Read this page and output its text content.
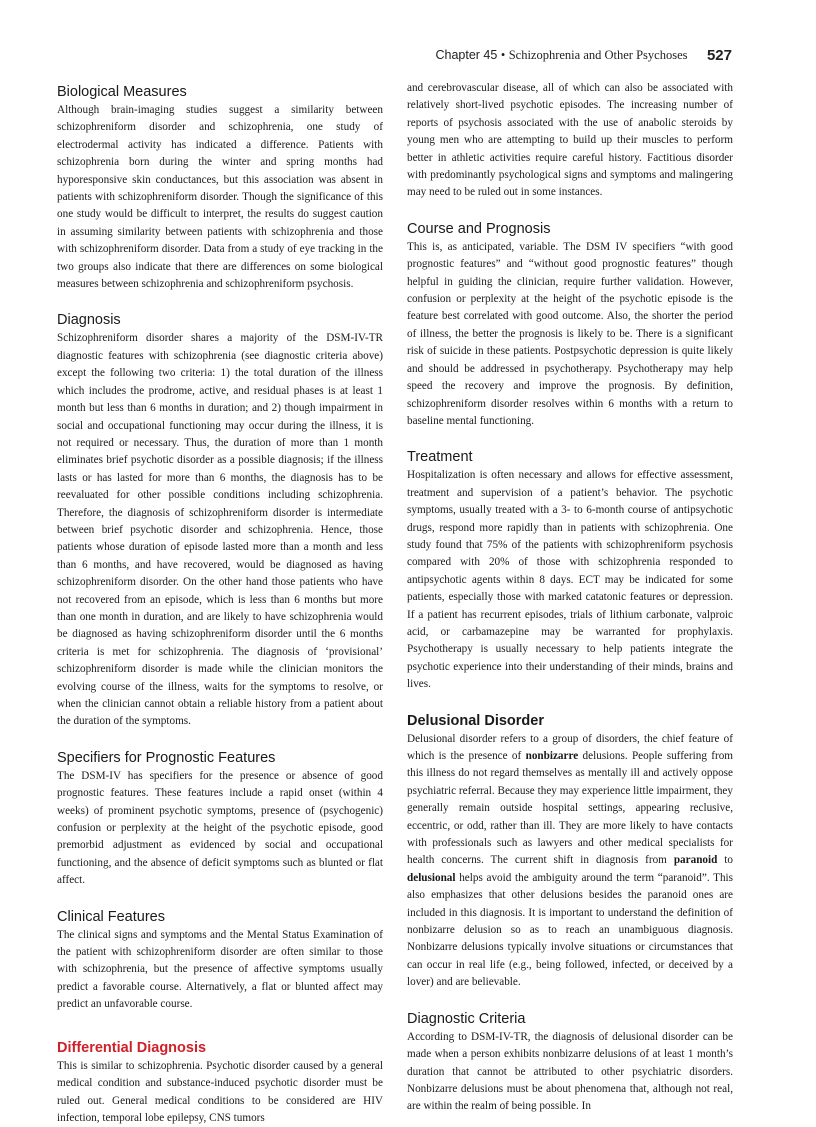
Chapter 45 • Schizophrenia and Other Psychoses 527
Biological Measures

Although brain-imaging studies suggest a similarity between schizophreniform disorder and schizophrenia, one study of electrodermal activity has indicated a difference. Patients with schizophrenia born during the winter and spring months had hyporesponsive skin conductances, but this association was absent in patients with schizophreniform disorder. Though the significance of this one study would be difficult to interpret, the results do suggest caution in assuming similarity between patients with schizophrenia and those with schizophreniform disorder. Data from a study of eye tracking in the two groups also indicate that there are differences on some biological measures between schizophrenia and schizophreniform psychosis.

Diagnosis

Schizophreniform disorder shares a majority of the DSM-IV-TR diagnostic features with schizophrenia (see diagnostic criteria above) except the following two criteria: 1) the total duration of the illness which includes the prodrome, active, and residual phases is at least 1 month but less than 6 months in duration; and 2) though impairment in social and occupational functioning may occur during the illness, it is not required or necessary. Thus, the duration of more than 1 month eliminates brief psychotic disorder as a possible diagnosis; if the illness lasts or has lasted for more than 6 months, the diagnosis has to be reevaluated for other possible conditions including schizophrenia. Therefore, the diagnosis of schizophreniform disorder is intermediate between brief psychotic disorder and schizophrenia. Hence, those patients whose duration of episode lasted more than a month and less than 6 months, and have recovered, would be diagnosed as having schizophreniform disorder. On the other hand those patients who have not recovered from an episode, which is less than 6 months but more than one month in duration, and are likely to have schizophrenia would be diagnosed as having schizophreniform disorder until the 6 months criteria is met for schizophrenia. The diagnosis of ‘provisional’ schizophreniform disorder is made while the clinician monitors the evolving course of the illness, waits for the symptoms to resolve, or when the clinician cannot obtain a reliable history from a patient about the duration of the symptoms.

Specifiers for Prognostic Features

The DSM-IV has specifiers for the presence or absence of good prognostic features. These features include a rapid onset (within 4 weeks) of prominent psychotic symptoms, presence of (psychogenic) confusion or perplexity at the height of the psychotic episode, good premorbid adjustment as evidenced by social and occupational functioning, and the absence of deficit symptoms such as blunted or flat affect.

Clinical Features

The clinical signs and symptoms and the Mental Status Examination of the patient with schizophreniform disorder are often similar to those with schizophrenia, but the presence of affective symptoms usually predict a favorable course. Alternatively, a flat or blunted affect may predict an unfavorable course.

Differential Diagnosis

This is similar to schizophrenia. Psychotic disorder caused by a general medical condition and substance-induced psychotic disorder must be ruled out. General medical conditions to be considered are HIV infection, temporal lobe epilepsy, CNS tumors

and cerebrovascular disease, all of which can also be associated with relatively short-lived psychotic episodes. The increasing number of reports of psychosis associated with the use of anabolic steroids by young men who are attempting to build up their muscles to perform better in athletic activities require careful history. Factitious disorder with predominantly psychological signs and symptoms and malingering may need to be ruled out in some instances.

Course and Prognosis

This is, as anticipated, variable. The DSM IV specifiers “with good prognostic features” and “without good prognostic features” though helpful in guiding the clinician, require further validation. However, confusion or perplexity at the height of the psychotic episode is the feature best correlated with good outcome. Also, the shorter the period of illness, the better the prognosis is likely to be. There is a significant risk of suicide in these patients. Postpsychotic depression is quite likely and should be addressed in psychotherapy. Psychotherapy may help speed the recovery and improve the prognosis. By definition, schizophreniform disorder resolves within 6 months with a return to baseline mental functioning.

Treatment

Hospitalization is often necessary and allows for effective assessment, treatment and supervision of a patient’s behavior. The psychotic symptoms, usually treated with a 3- to 6-month course of antipsychotic drugs, respond more rapidly than in patients with schizophrenia. One study found that 75% of the patients with schizophreniform psychosis compared with 20% of those with schizophrenia responded to antipsychotic agents within 8 days. ECT may be indicated for some patients, especially those with marked catatonic features or depression. If a patient has recurrent episodes, trials of lithium carbonate, valproic acid, or carbamazepine may be warranted for prophylaxis. Psychotherapy is usually necessary to help patients integrate the psychotic experience into their understanding of their minds, brains and lives.

Delusional Disorder

Delusional disorder refers to a group of disorders, the chief feature of which is the presence of nonbizarre delusions. People suffering from this illness do not regard themselves as mentally ill and actively oppose psychiatric referral. Because they may experience little impairment, they generally remain outside hospital settings, appearing reclusive, eccentric, or odd, rather than ill. They are more likely to have contacts with professionals such as lawyers and other medical specialists for health concerns. The current shift in diagnosis from paranoid to delusional helps avoid the ambiguity around the term “paranoid”. This also emphasizes that other delusions besides the paranoid ones are included in this diagnosis. It is important to understand the definition of nonbizarre delusion so as to reach an unambiguous diagnosis. Nonbizarre delusions typically involve situations or circumstances that can occur in real life (e.g., being followed, infected, or deceived by a lover) and are believable.

Diagnostic Criteria

According to DSM-IV-TR, the diagnosis of delusional disorder can be made when a person exhibits nonbizarre delusions of at least 1 month’s duration that cannot be attributed to other psychiatric disorders. Nonbizarre delusions must be about phenomena that, although not real, are within the realm of being possible. In
